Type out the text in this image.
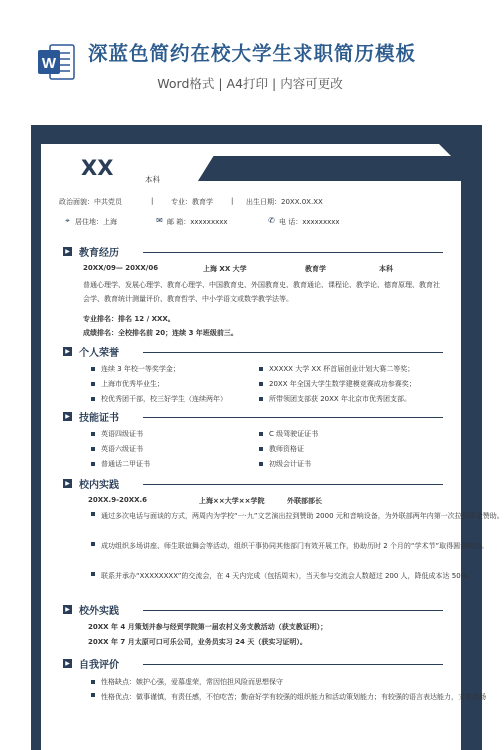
W 深蓝色简约在校大学生求职简历模板
Word格式 | A4打印 | 内容可更改
XX	本科
政治面貌：中共党员	|	专业：教育学	| 出生日期：20XX.0X.XX
⌖ 居住地：上海	✉ 邮 箱：xxxxxxxxx	✆ 电 话：xxxxxxxxx
▶ 教育经历
20XX/09— 20XX/06	上海 XX 大学	教育学	本科
普通心理学、发展心理学、教育心理学、中国教育史、外国教育史、教育通论、课程论、教学论、德育原理、教育社会学、教育统计测量评价、教育哲学、中小学语文或数学教学法等。
专业排名：排名 12 / XXX。
成绩排名：全校排名前 20；连续 3 年班级前三。
▶ 个人荣誉
连续 3 年校一等奖学金；
上海市优秀毕业生；
校优秀团干部，校三好学生（连续两年）
XXXXX 大学 XX 杯首届创业计划大赛二等奖；
20XX 年全国大学生数学建模竞赛成功参赛奖；
所带领团支部获 20XX 年北京市优秀团支部。
▶ 技能证书
英语四级证书
英语六级证书
普通话二甲证书
C 级驾驶证证书
教师资格证
初级会计证书
▶ 校内实践
20XX.9-20XX.6	上海××大学××学院	外联部部长
通过多次电话与面谈的方式，两周内为学校“一·九”文艺演出拉到赞助 2000 元和音响设备，为外联部两年内第一次拉到现金赞助。
成功组织多场讲座、师生联谊舞会等活动，组织干事协同其他部门有效开展工作，协助历时 2 个月的“学术节”取得圆满成功。
联系并承办“XXXXXXXX”的交流会，在 4 天内完成（包括周末），当天参与交流会人数超过 200 人，降低成本达 50%。
▶ 校外实践
20XX 年 4 月策划并参与经贸学院第一届农村义务支教活动（获支教证明）；
20XX 年 7 月太原可口可乐公司，业务员实习 24 天（获实习证明）。
▶ 自我评价
性格缺点：嫉护心强，爱慕虚荣，常因怕担风险而思想保守
性格优点：做事谨慎，有责任感，不怕吃苦；勤奋好学有较强的组织能力和活动策划能力；有较强的语言表达能力，文笔流畅
